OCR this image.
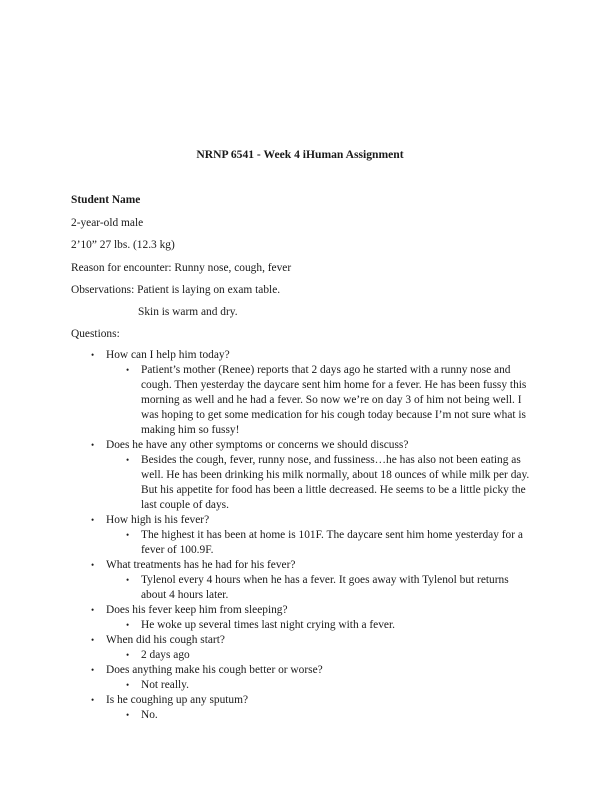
NRNP 6541 - Week 4 iHuman Assignment
Student Name
2-year-old male
2’10” 27 lbs. (12.3 kg)
Reason for encounter: Runny nose, cough, fever
Observations: Patient is laying on exam table.
Skin is warm and dry.
Questions:
• How can I help him today?
• Patient’s mother (Renee) reports that 2 days ago he started with a runny nose and cough. Then yesterday the daycare sent him home for a fever. He has been fussy this morning as well and he had a fever. So now we’re on day 3 of him not being well. I was hoping to get some medication for his cough today because I’m not sure what is making him so fussy!
• Does he have any other symptoms or concerns we should discuss?
• Besides the cough, fever, runny nose, and fussiness…he has also not been eating as well. He has been drinking his milk normally, about 18 ounces of while milk per day. But his appetite for food has been a little decreased. He seems to be a little picky the last couple of days.
• How high is his fever?
• The highest it has been at home is 101F. The daycare sent him home yesterday for a fever of 100.9F.
• What treatments has he had for his fever?
• Tylenol every 4 hours when he has a fever. It goes away with Tylenol but returns about 4 hours later.
• Does his fever keep him from sleeping?
• He woke up several times last night crying with a fever.
• When did his cough start?
• 2 days ago
• Does anything make his cough better or worse?
• Not really.
• Is he coughing up any sputum?
• No.
